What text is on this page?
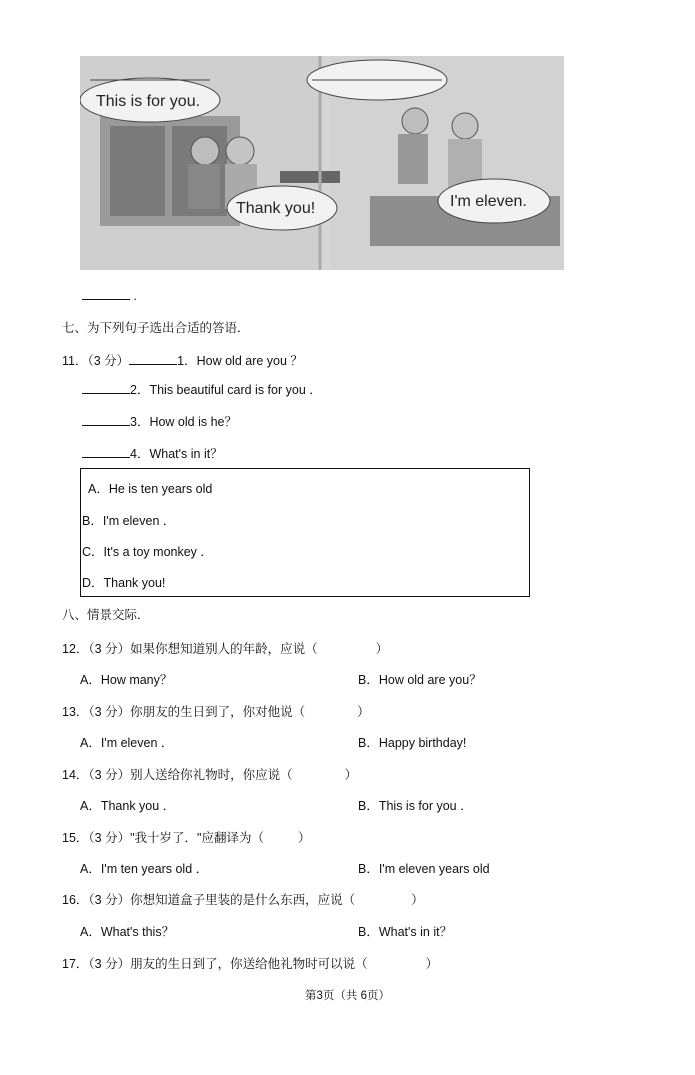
This is for you.
Thank you!	I'm eleven.
.
七、为下列句子选出合适的答语．
11．（3 分）	1．How old are you ？
2．This beautiful card is for you ．
3．How old is he？
4．What's in it？
A．He is ten years old
B．I'm eleven ．
C．It's a toy monkey ．
D．Thank you!
八、情景交际．
12．（3 分）如果你想知道别人的年龄，应说（	）
A．How many？	B．How old are you？
13．（3 分）你朋友的生日到了，你对他说（	）
A．I'm eleven ．	B．Happy birthday!
14．（3 分）别人送给你礼物时，你应说（	）
A．Thank you ．	B．This is for you ．
15．（3 分）"我十岁了．"应翻译为（	）
A．I'm ten years old ．	B．I'm eleven years old
16．（3 分）你想知道盒子里装的是什么东西，应说（	）
A．What's this？	B．What's in it？
17．（3 分）朋友的生日到了，你送给他礼物时可以说（	）
第3页（共 6页）
